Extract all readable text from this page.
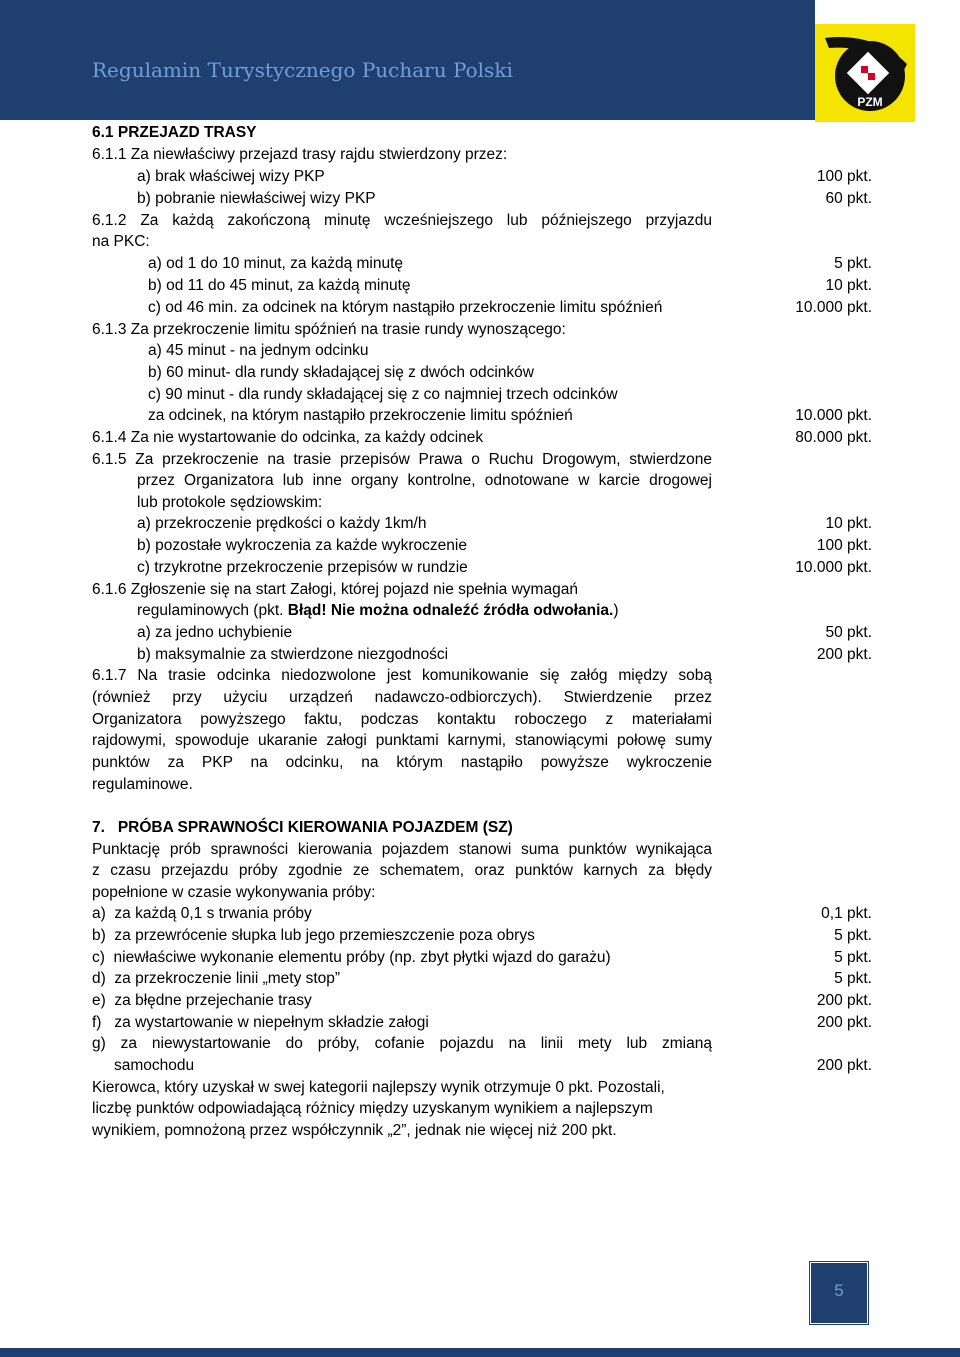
Regulamin Turystycznego Pucharu Polski
PZM
6.1 PRZEJAZD TRASY
6.1.1 Za niewłaściwy przejazd trasy rajdu stwierdzony przez:
a) brak właściwej wizy PKP	100 pkt.
b) pobranie niewłaściwej wizy PKP	60 pkt.
6.1.2 Za każdą zakończoną minutę wcześniejszego lub późniejszego przyjazdu
na PKC:
a) od 1 do 10 minut, za każdą minutę	5 pkt.
b) od 11 do 45 minut, za każdą minutę	10 pkt.
c) od 46 min. za odcinek na którym nastąpiło przekroczenie limitu spóźnień	10.000 pkt.
6.1.3 Za przekroczenie limitu spóźnień na trasie rundy wynoszącego:
a) 45 minut - na jednym odcinku
b) 60 minut- dla rundy składającej się z dwóch odcinków
c) 90 minut - dla rundy składającej się z co najmniej trzech odcinków
za odcinek, na którym nastąpiło przekroczenie limitu spóźnień	10.000 pkt.
6.1.4 Za nie wystartowanie do odcinka, za każdy odcinek	80.000 pkt.
6.1.5 Za przekroczenie na trasie przepisów Prawa o Ruchu Drogowym, stwierdzone
przez Organizatora lub inne organy kontrolne, odnotowane w karcie drogowej
lub protokole sędziowskim:
a) przekroczenie prędkości o każdy 1km/h	10 pkt.
b) pozostałe wykroczenia za każde wykroczenie	100 pkt.
c) trzykrotne przekroczenie przepisów w rundzie	10.000 pkt.
6.1.6 Zgłoszenie się na start Załogi, której pojazd nie spełnia wymagań
regulaminowych (pkt. Błąd! Nie można odnaleźć źródła odwołania.)
a) za jedno uchybienie	50 pkt.
b) maksymalnie za stwierdzone niezgodności	200 pkt.
6.1.7 Na trasie odcinka niedozwolone jest komunikowanie się załóg między sobą
(również przy użyciu urządzeń nadawczo-odbiorczych). Stwierdzenie przez
Organizatora powyższego faktu, podczas kontaktu roboczego z materiałami
rajdowymi, spowoduje ukaranie załogi punktami karnymi, stanowiącymi połowę sumy
punktów za PKP na odcinku, na którym nastąpiło powyższe wykroczenie
regulaminowe.
7.   PRÓBA SPRAWNOŚCI KIEROWANIA POJAZDEM (SZ)
Punktację prób sprawności kierowania pojazdem stanowi suma punktów wynikająca
z czasu przejazdu próby zgodnie ze schematem, oraz punktów karnych za błędy
popełnione w czasie wykonywania próby:
a)  za każdą 0,1 s trwania próby	0,1 pkt.
b)  za przewrócenie słupka lub jego przemieszczenie poza obrys	5 pkt.
c)  niewłaściwe wykonanie elementu próby (np. zbyt płytki wjazd do garażu)	5 pkt.
d)  za przekroczenie linii „mety stop”	5 pkt.
e)  za błędne przejechanie trasy	200 pkt.
f)   za wystartowanie w niepełnym składzie załogi	200 pkt.
g) za niewystartowanie do próby, cofanie pojazdu na linii mety lub zmianą
samochodu	200 pkt.
Kierowca, który uzyskał w swej kategorii najlepszy wynik otrzymuje 0 pkt. Pozostali,
liczbę punktów odpowiadającą różnicy między uzyskanym wynikiem a najlepszym
wynikiem, pomnożoną przez współczynnik „2”, jednak nie więcej niż 200 pkt.
5
